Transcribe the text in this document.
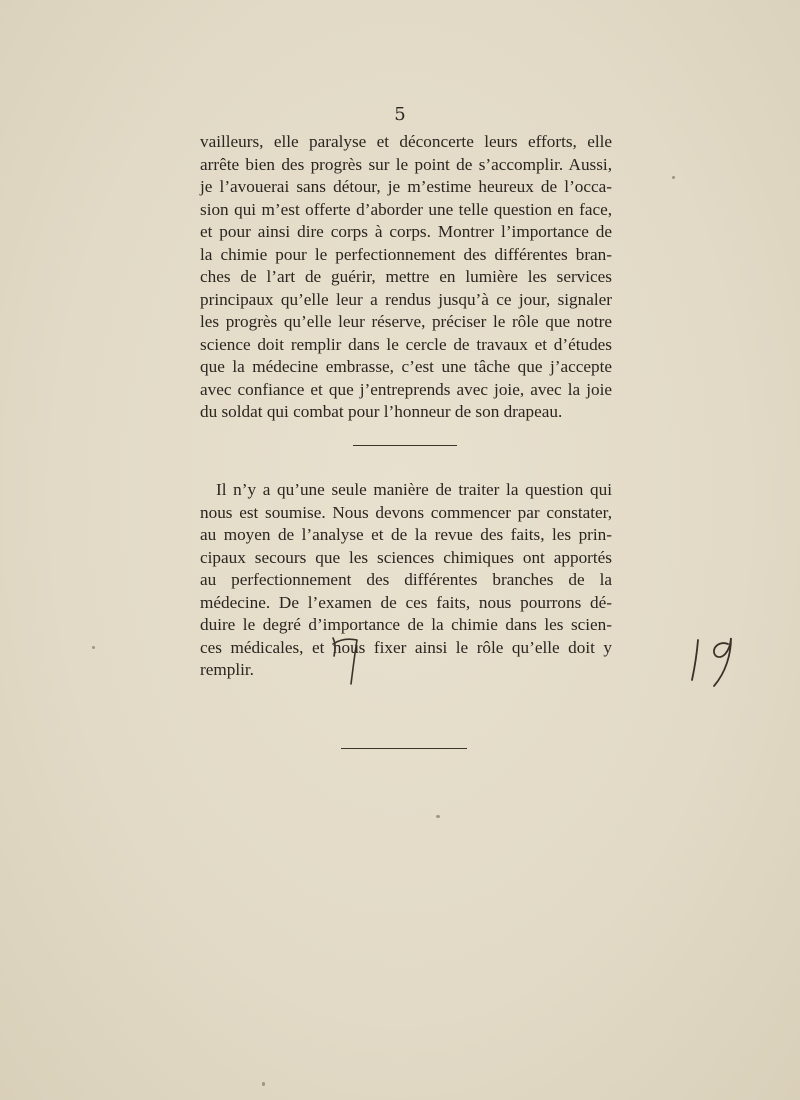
5
vailleurs, elle paralyse et déconcerte leurs efforts, elle
arrête bien des progrès sur le point de s’accomplir. Aussi,
je l’avouerai sans détour, je m’estime heureux de l’occa-
sion qui m’est offerte d’aborder une telle question en face,
et pour ainsi dire corps à corps. Montrer l’importance de
la chimie pour le perfectionnement des différentes bran-
ches de l’art de guérir, mettre en lumière les services
principaux qu’elle leur a rendus jusqu’à ce jour, signaler
les progrès qu’elle leur réserve, préciser le rôle que notre
science doit remplir dans le cercle de travaux et d’études
que la médecine embrasse, c’est une tâche que j’accepte
avec confiance et que j’entreprends avec joie, avec la joie
du soldat qui combat pour l’honneur de son drapeau.
Il n’y a qu’une seule manière de traiter la question qui
nous est soumise. Nous devons commencer par constater,
au moyen de l’analyse et de la revue des faits, les prin-
cipaux secours que les sciences chimiques ont apportés
au perfectionnement des différentes branches de la
médecine. De l’examen de ces faits, nous pourrons dé-
duire le degré d’importance de la chimie dans les scien-
ces médicales, et nous fixer ainsi le rôle qu’elle doit y
remplir.
